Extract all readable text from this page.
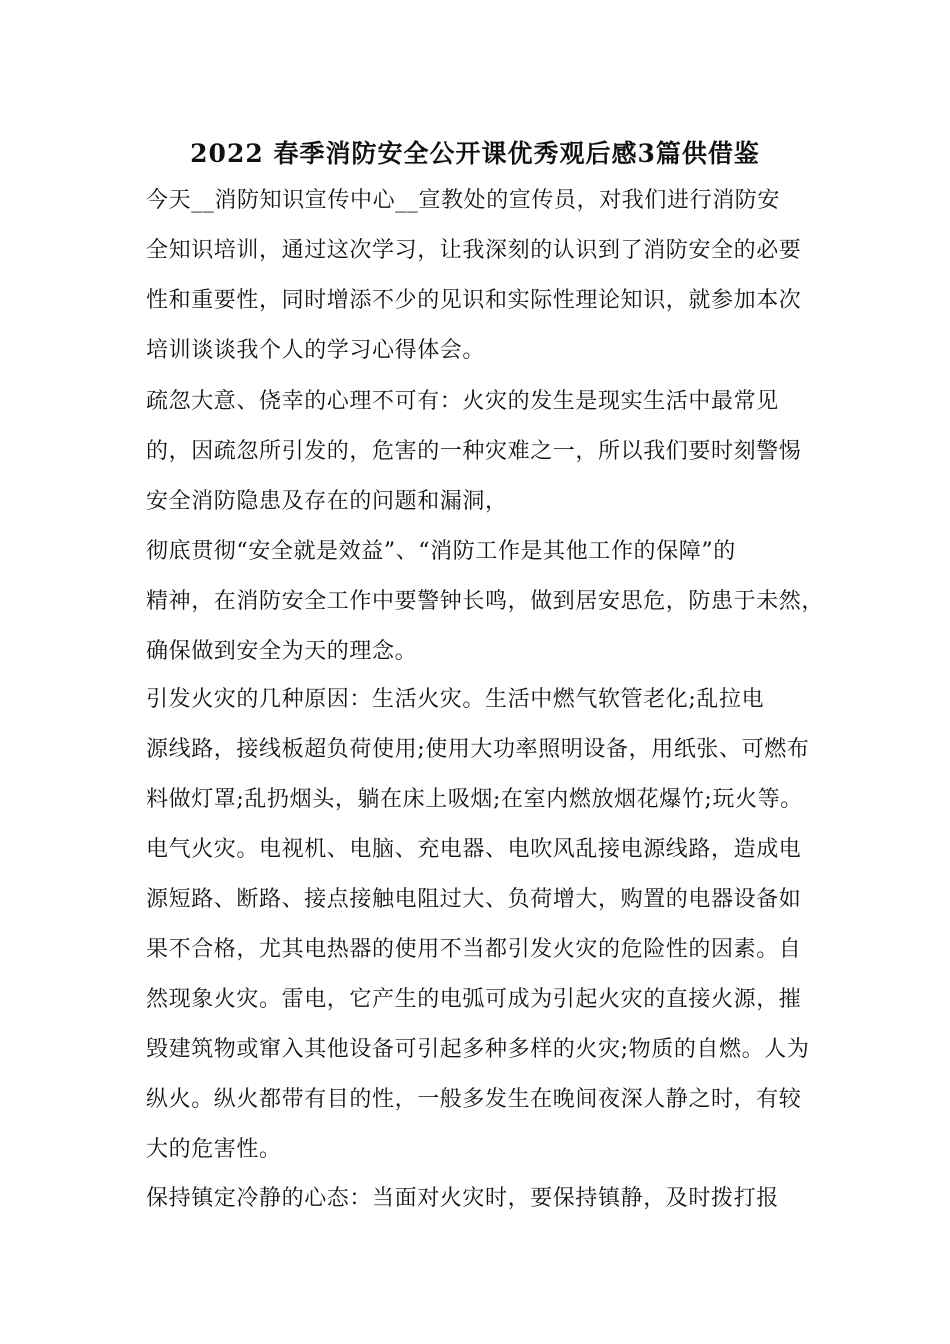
2022 春季消防安全公开课优秀观后感3篇供借鉴
今天__消防知识宣传中心__宣教处的宣传员，对我们进行消防安
全知识培训，通过这次学习，让我深刻的认识到了消防安全的必要
性和重要性，同时增添不少的见识和实际性理论知识，就参加本次
培训谈谈我个人的学习心得体会。
疏忽大意、侥幸的心理不可有：火灾的发生是现实生活中最常见
的，因疏忽所引发的，危害的一种灾难之一，所以我们要时刻警惕
安全消防隐患及存在的问题和漏洞，
彻底贯彻“安全就是效益”、“消防工作是其他工作的保障”的
精神，在消防安全工作中要警钟长鸣，做到居安思危，防患于未然，
确保做到安全为天的理念。
引发火灾的几种原因：生活火灾。生活中燃气软管老化;乱拉电
源线路，接线板超负荷使用;使用大功率照明设备，用纸张、可燃布
料做灯罩;乱扔烟头，躺在床上吸烟;在室内燃放烟花爆竹;玩火等。
电气火灾。电视机、电脑、充电器、电吹风乱接电源线路，造成电
源短路、断路、接点接触电阻过大、负荷增大，购置的电器设备如
果不合格，尤其电热器的使用不当都引发火灾的危险性的因素。自
然现象火灾。雷电，它产生的电弧可成为引起火灾的直接火源，摧
毁建筑物或窜入其他设备可引起多种多样的火灾;物质的自燃。人为
纵火。纵火都带有目的性，一般多发生在晚间夜深人静之时，有较
大的危害性。
保持镇定冷静的心态：当面对火灾时，要保持镇静，及时拨打报
